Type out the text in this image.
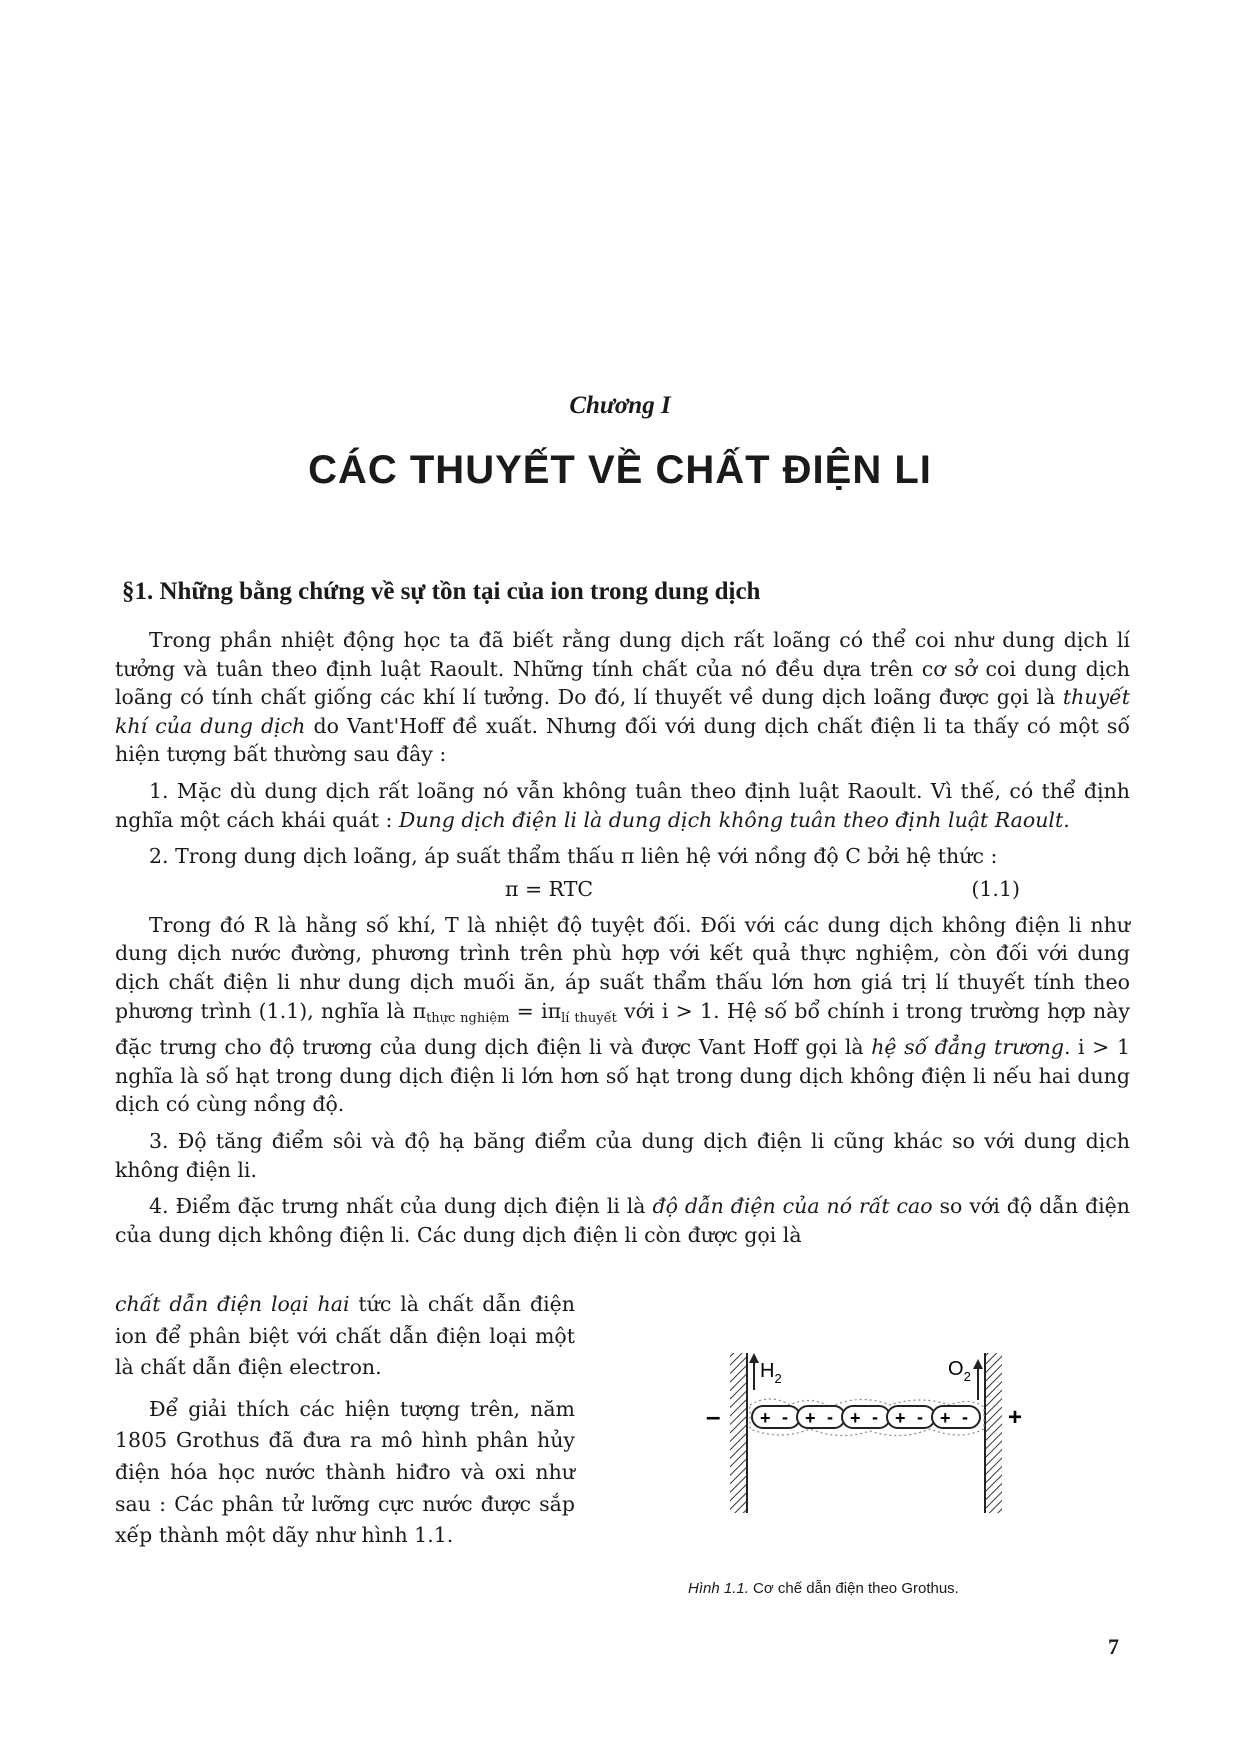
Chương I
CÁC THUYẾT VỀ CHẤT ĐIỆN LI
§1. Những bằng chứng về sự tồn tại của ion trong dung dịch

Trong phần nhiệt động học ta đã biết rằng dung dịch rất loãng có thể coi như dung dịch lí tưởng và tuân theo định luật Raoult. Những tính chất của nó đều dựa trên cơ sở coi dung dịch loãng có tính chất giống các khí lí tưởng. Do đó, lí thuyết về dung dịch loãng được gọi là thuyết khí của dung dịch do Vant'Hoff đề xuất. Nhưng đối với dung dịch chất điện li ta thấy có một số hiện tượng bất thường sau đây :

1. Mặc dù dung dịch rất loãng nó vẫn không tuân theo định luật Raoult. Vì thế, có thể định nghĩa một cách khái quát : Dung dịch điện li là dung dịch không tuân theo định luật Raoult.

2. Trong dung dịch loãng, áp suất thẩm thấu π liên hệ với nồng độ C bởi hệ thức :

π = RTC	(1.1)

Trong đó R là hằng số khí, T là nhiệt độ tuyệt đối. Đối với các dung dịch không điện li như dung dịch nước đường, phương trình trên phù hợp với kết quả thực nghiệm, còn đối với dung dịch chất điện li như dung dịch muối ăn, áp suất thẩm thấu lớn hơn giá trị lí thuyết tính theo phương trình (1.1), nghĩa là $\pi_{thực nghiệm} = i\pi_{lí thuyết}$ với i > 1. Hệ số bổ chính i trong trường hợp này đặc trưng cho độ trương của dung dịch điện li và được Vant Hoff gọi là hệ số đẳng trương. i > 1 nghĩa là số hạt trong dung dịch điện li lớn hơn số hạt trong dung dịch không điện li nếu hai dung dịch có cùng nồng độ.

3. Độ tăng điểm sôi và độ hạ băng điểm của dung dịch điện li cũng khác so với dung dịch không điện li.

4. Điểm đặc trưng nhất của dung dịch điện li là độ dẫn điện của nó rất cao so với độ dẫn điện của dung dịch không điện li. Các dung dịch điện li còn được gọi là

chất dẫn điện loại hai tức là chất dẫn điện ion để phân biệt với chất dẫn điện loại một là chất dẫn điện electron.

Để giải thích các hiện tượng trên, năm 1805 Grothus đã đưa ra mô hình phân hủy điện hóa học nước thành hiđro và oxi như sau : Các phân tử lưỡng cực nước được sắp xếp thành một dãy như hình 1.1.

$H_2$	$O_2$
–	+
+ - + - + - + - + -
Hình 1.1. Cơ chế dẫn điện theo Grothus.
7
